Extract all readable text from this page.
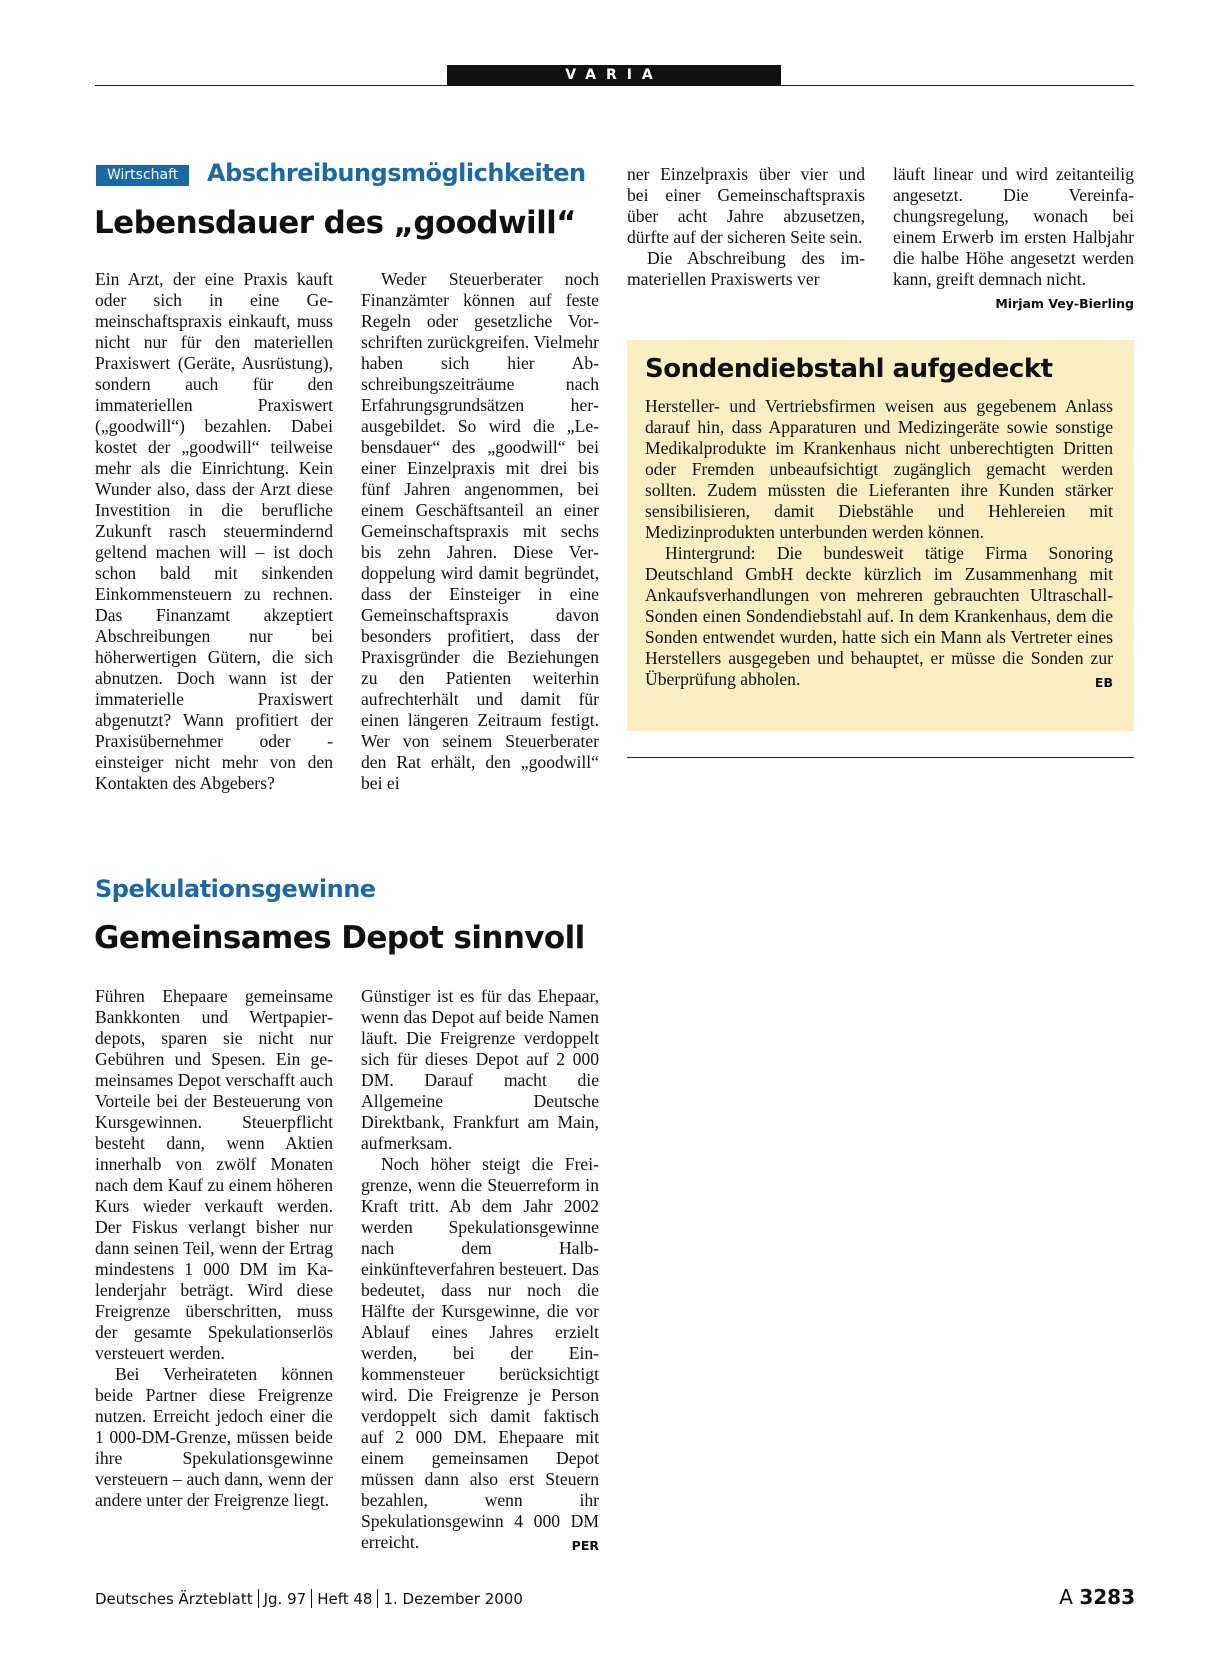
VARIA
Wirtschaft	Abschreibungsmöglichkeiten
Lebensdauer des „goodwill“

Ein Arzt, der eine Praxis kauft oder sich in eine Gemeinschaftspraxis einkauft, muss nicht nur für den materiellen Praxiswert (Geräte, Ausrüstung), sondern auch für den immateriellen Praxiswert („goodwill“) bezahlen. Dabei kostet der „goodwill“ teilweise mehr als die Einrichtung. Kein Wunder also, dass der Arzt diese Investition in die berufliche Zukunft rasch steuermindernd geltend machen will – ist doch schon bald mit sinkenden Einkommensteuern zu rechnen. Das Finanzamt akzeptiert Abschreibungen nur bei höherwertigen Gütern, die sich abnutzen. Doch wann ist der immaterielle Praxiswert abgenutzt? Wann profitiert der Praxisübernehmer oder -einsteiger nicht mehr von den Kontakten des Abgebers?

Weder Steuerberater noch Finanzämter können auf feste Regeln oder gesetzliche Vorschriften zurückgreifen. Vielmehr haben sich hier Abschreibungszeiträume nach Erfahrungsgrundsätzen herausgebildet. So wird die „Lebensdauer“ des „goodwill“ bei einer Einzelpraxis mit drei bis fünf Jahren angenommen, bei einem Geschäftsanteil an einer Gemeinschaftspraxis mit sechs bis zehn Jahren. Diese Verdoppelung wird damit begründet, dass der Einsteiger in eine Gemeinschaftspraxis davon besonders profitiert, dass der Praxisgründer die Beziehungen zu den Patienten weiterhin aufrechterhält und damit für einen längeren Zeitraum festigt. Wer von seinem Steuerberater den Rat erhält, den „goodwill“ bei ei

ner Einzelpraxis über vier und bei einer Gemeinschaftspraxis über acht Jahre abzusetzen, dürfte auf der sicheren Seite sein.

Die Abschreibung des immateriellen Praxiswerts ver

läuft linear und wird zeitanteilig angesetzt. Die Vereinfachungsregelung, wonach bei einem Erwerb im ersten Halbjahr die halbe Höhe angesetzt werden kann, greift demnach nicht.
Mirjam Vey-Bierling

Sondendiebstahl aufgedeckt

Hersteller- und Vertriebsfirmen weisen aus gegebenem Anlass darauf hin, dass Apparaturen und Medizingeräte sowie sonstige Medikalprodukte im Krankenhaus nicht unberechtigten Dritten oder Fremden unbeaufsichtigt zugänglich gemacht werden sollten. Zudem müssten die Lieferanten ihre Kunden stärker sensibilisieren, damit Diebstähle und Hehlereien mit Medizinprodukten unterbunden werden können.

Hintergrund: Die bundesweit tätige Firma Sonoring Deutschland GmbH deckte kürzlich im Zusammenhang mit Ankaufsverhandlungen von mehreren gebrauchten Ultraschall-Sonden einen Sondendiebstahl auf. In dem Krankenhaus, dem die Sonden entwendet wurden, hatte sich ein Mann als Vertreter eines Herstellers ausgegeben und behauptet, er müsse die Sonden zur Überprüfung abholen.	EB

Spekulationsgewinne
Gemeinsames Depot sinnvoll

Führen Ehepaare gemeinsame Bankkonten und Wertpapierdepots, sparen sie nicht nur Gebühren und Spesen. Ein gemeinsames Depot verschafft auch Vorteile bei der Besteuerung von Kursgewinnen. Steuerpflicht besteht dann, wenn Aktien innerhalb von zwölf Monaten nach dem Kauf zu einem höheren Kurs wieder verkauft werden. Der Fiskus verlangt bisher nur dann seinen Teil, wenn der Ertrag mindestens 1 000 DM im Kalenderjahr beträgt. Wird diese Freigrenze überschritten, muss der gesamte Spekulationserlös versteuert werden.

Bei Verheirateten können beide Partner diese Freigrenze nutzen. Erreicht jedoch einer die 1 000-DM-Grenze, müssen beide ihre Spekulationsgewinne versteuern – auch dann, wenn der andere unter der Freigrenze liegt.

Günstiger ist es für das Ehepaar, wenn das Depot auf beide Namen läuft. Die Freigrenze verdoppelt sich für dieses Depot auf 2 000 DM. Darauf macht die Allgemeine Deutsche Direktbank, Frankfurt am Main, aufmerksam.

Noch höher steigt die Freigrenze, wenn die Steuerreform in Kraft tritt. Ab dem Jahr 2002 werden Spekulationsgewinne nach dem Halbeinkünfteverfahren besteuert. Das bedeutet, dass nur noch die Hälfte der Kursgewinne, die vor Ablauf eines Jahres erzielt werden, bei der Einkommensteuer berücksichtigt wird. Die Freigrenze je Person verdoppelt sich damit faktisch auf 2 000 DM. Ehepaare mit einem gemeinsamen Depot müssen dann also erst Steuern bezahlen, wenn ihr Spekulationsgewinn 4 000 DM erreicht.	PER

Deutsches Ärzteblatt Jg. 97 Heft 48 1. Dezember 2000	A 3283
